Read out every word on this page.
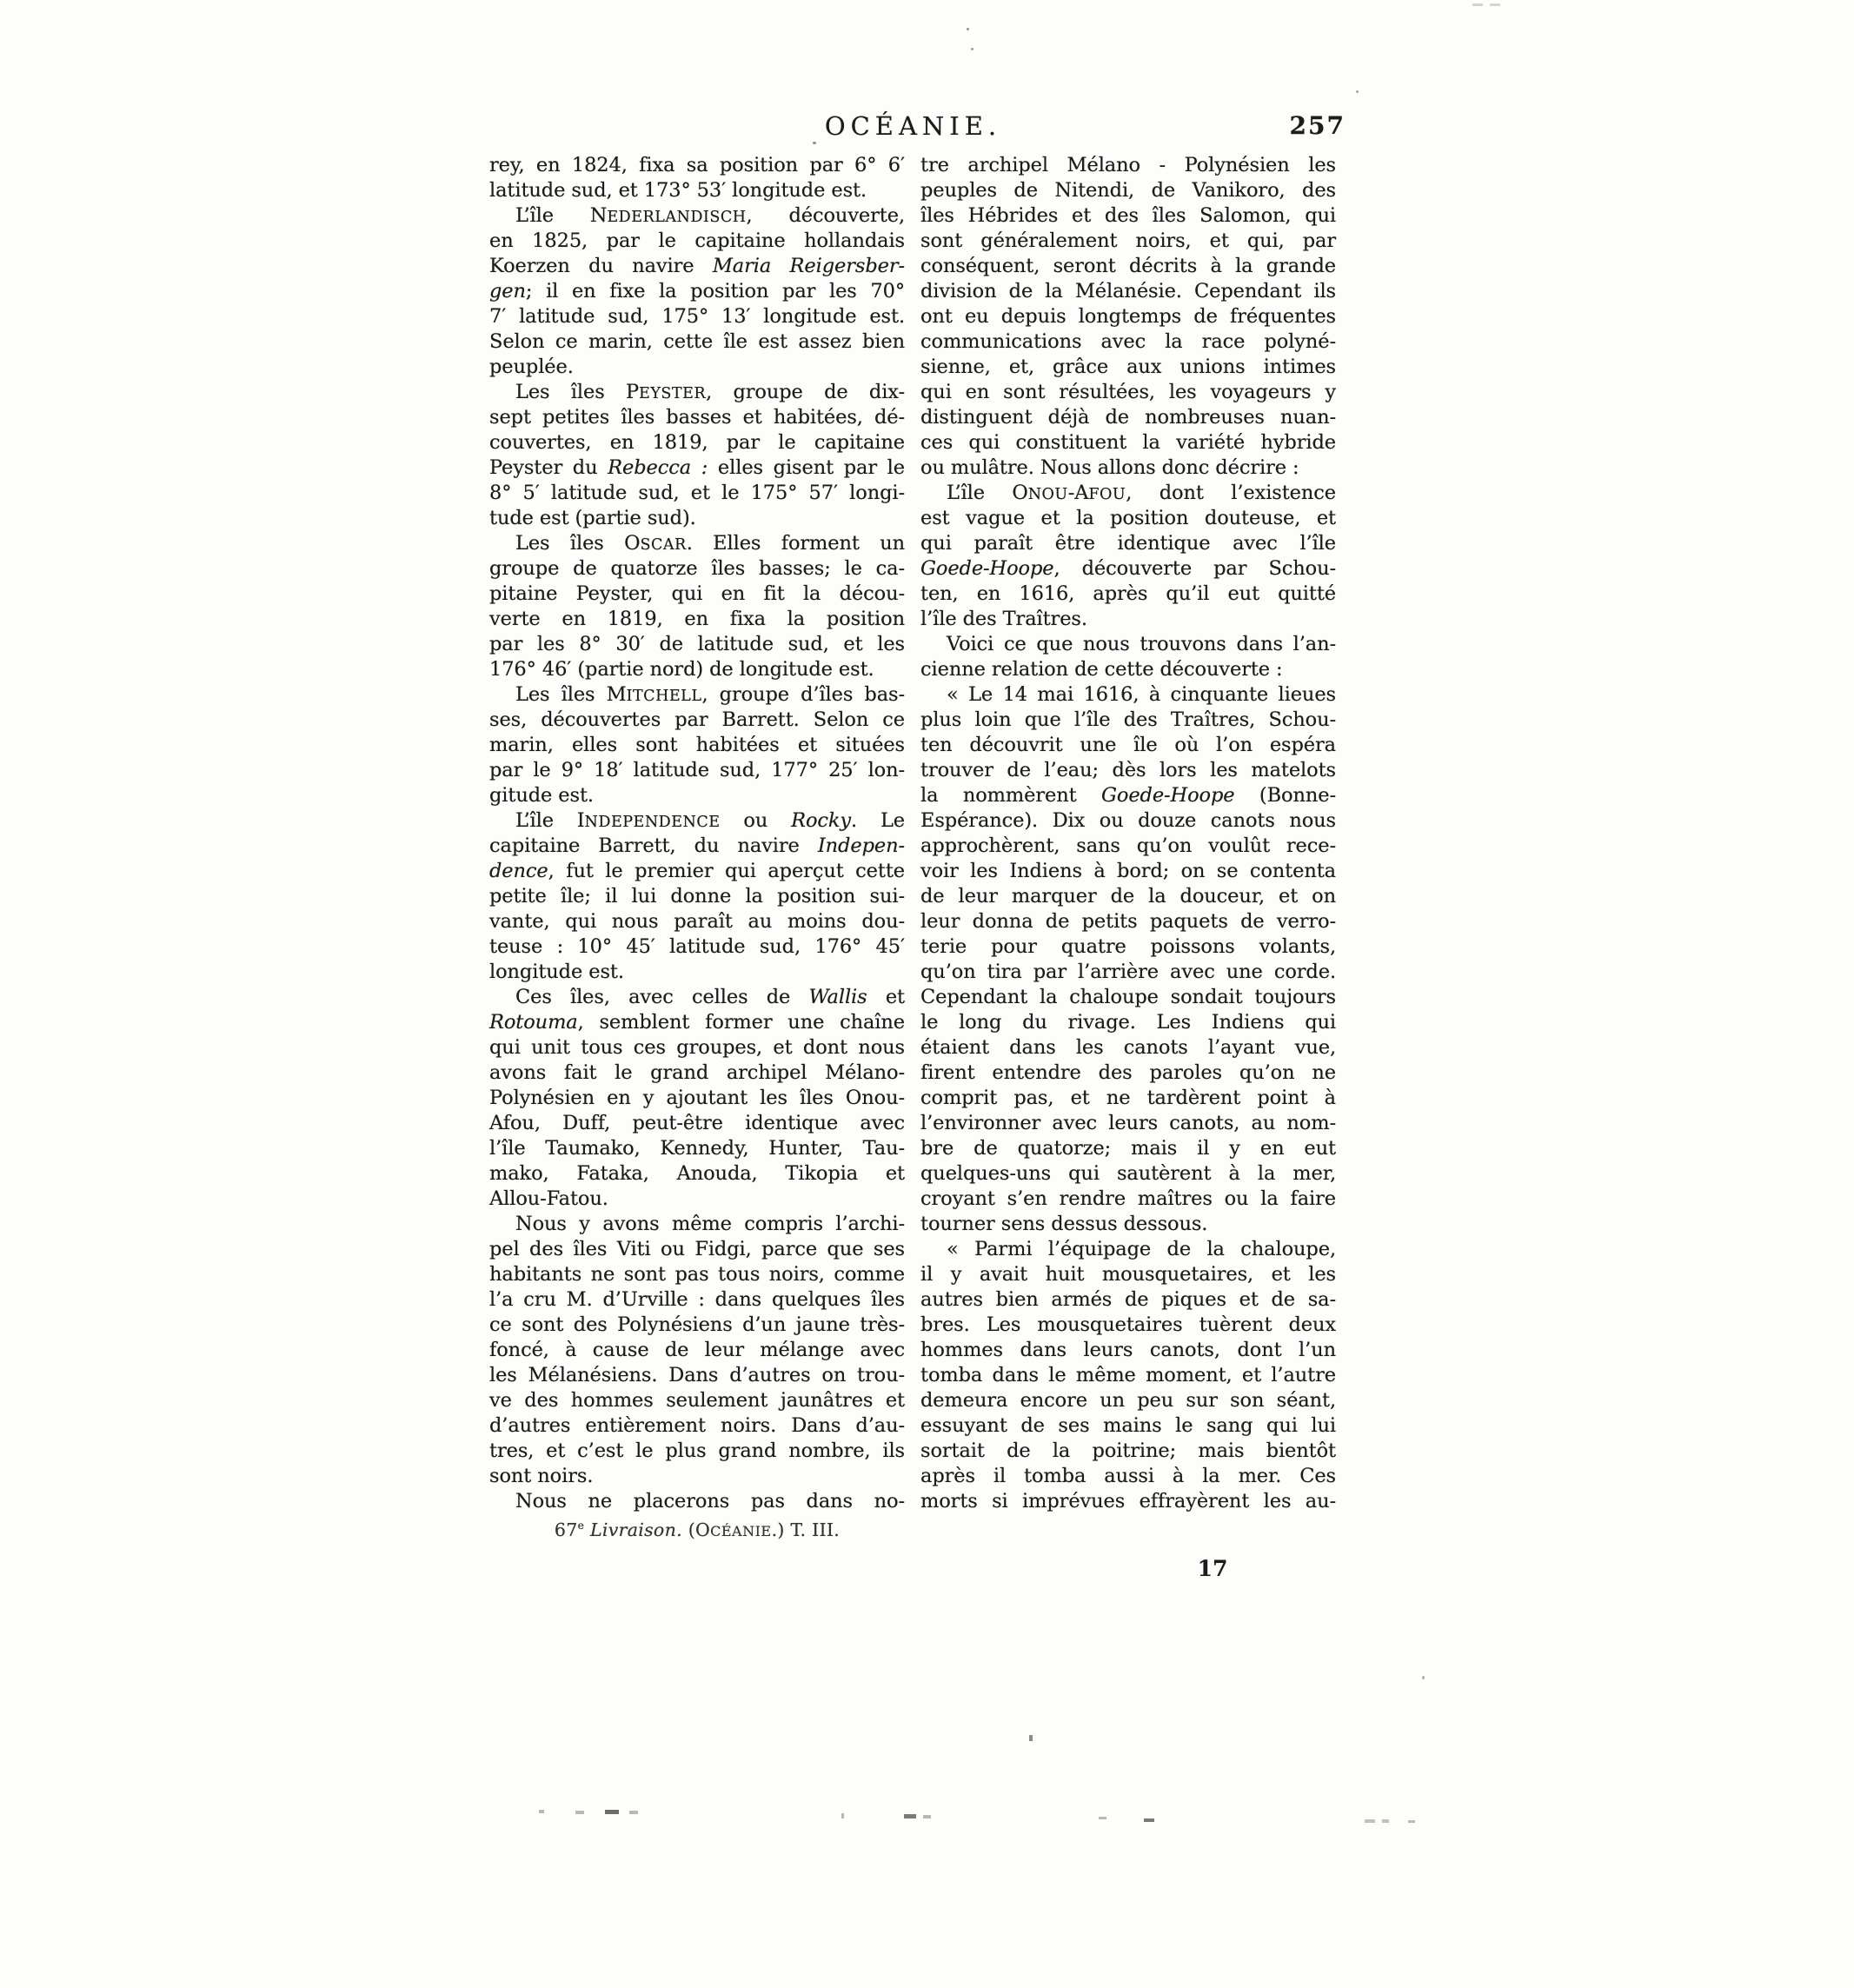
OCÉANIE.	257
rey, en 1824, fixa sa position par 6° 6′
latitude sud, et 173° 53′ longitude est.
L’île NEDERLANDISCH, découverte,
en 1825, par le capitaine hollandais
Koerzen du navire Maria Reigersber-
gen; il en fixe la position par les 70°
7′ latitude sud, 175° 13′ longitude est.
Selon ce marin, cette île est assez bien
peuplée.
Les îles PEYSTER, groupe de dix-
sept petites îles basses et habitées, dé-
couvertes, en 1819, par le capitaine
Peyster du Rebecca : elles gisent par le
8° 5′ latitude sud, et le 175° 57′ longi-
tude est (partie sud).
Les îles OSCAR. Elles forment un
groupe de quatorze îles basses; le ca-
pitaine Peyster, qui en fit la décou-
verte en 1819, en fixa la position
par les 8° 30′ de latitude sud, et les
176° 46′ (partie nord) de longitude est.
Les îles MITCHELL, groupe d’îles bas-
ses, découvertes par Barrett. Selon ce
marin, elles sont habitées et situées
par le 9° 18′ latitude sud, 177° 25′ lon-
gitude est.
L’île INDEPENDENCE ou Rocky. Le
capitaine Barrett, du navire Indepen-
dence, fut le premier qui aperçut cette
petite île; il lui donne la position sui-
vante, qui nous paraît au moins dou-
teuse : 10° 45′ latitude sud, 176° 45′
longitude est.
Ces îles, avec celles de Wallis et
Rotouma, semblent former une chaîne
qui unit tous ces groupes, et dont nous
avons fait le grand archipel Mélano-
Polynésien en y ajoutant les îles Onou-
Afou, Duff, peut-être identique avec
l’île Taumako, Kennedy, Hunter, Tau-
mako, Fataka, Anouda, Tikopia et
Allou-Fatou.
Nous y avons même compris l’archi-
pel des îles Viti ou Fidgi, parce que ses
habitants ne sont pas tous noirs, comme
l’a cru M. d’Urville : dans quelques îles
ce sont des Polynésiens d’un jaune très-
foncé, à cause de leur mélange avec
les Mélanésiens. Dans d’autres on trou-
ve des hommes seulement jaunâtres et
d’autres entièrement noirs. Dans d’au-
tres, et c’est le plus grand nombre, ils
sont noirs.
Nous ne placerons pas dans no-
tre archipel Mélano - Polynésien les
peuples de Nitendi, de Vanikoro, des
îles Hébrides et des îles Salomon, qui
sont généralement noirs, et qui, par
conséquent, seront décrits à la grande
division de la Mélanésie. Cependant ils
ont eu depuis longtemps de fréquentes
communications avec la race polyné-
sienne, et, grâce aux unions intimes
qui en sont résultées, les voyageurs y
distinguent déjà de nombreuses nuan-
ces qui constituent la variété hybride
ou mulâtre. Nous allons donc décrire :
L’île ONOU-AFOU, dont l’existence
est vague et la position douteuse, et
qui paraît être identique avec l’île
Goede-Hoope, découverte par Schou-
ten, en 1616, après qu’il eut quitté
l’île des Traîtres.
Voici ce que nous trouvons dans l’an-
cienne relation de cette découverte :
« Le 14 mai 1616, à cinquante lieues
plus loin que l’île des Traîtres, Schou-
ten découvrit une île où l’on espéra
trouver de l’eau; dès lors les matelots
la nommèrent Goede-Hoope (Bonne-
Espérance). Dix ou douze canots nous
approchèrent, sans qu’on voulût rece-
voir les Indiens à bord; on se contenta
de leur marquer de la douceur, et on
leur donna de petits paquets de verro-
terie pour quatre poissons volants,
qu’on tira par l’arrière avec une corde.
Cependant la chaloupe sondait toujours
le long du rivage. Les Indiens qui
étaient dans les canots l’ayant vue,
firent entendre des paroles qu’on ne
comprit pas, et ne tardèrent point à
l’environner avec leurs canots, au nom-
bre de quatorze; mais il y en eut
quelques-uns qui sautèrent à la mer,
croyant s’en rendre maîtres ou la faire
tourner sens dessus dessous.
« Parmi l’équipage de la chaloupe,
il y avait huit mousquetaires, et les
autres bien armés de piques et de sa-
bres. Les mousquetaires tuèrent deux
hommes dans leurs canots, dont l’un
tomba dans le même moment, et l’autre
demeura encore un peu sur son séant,
essuyant de ses mains le sang qui lui
sortait de la poitrine; mais bientôt
après il tomba aussi à la mer. Ces
morts si imprévues effrayèrent les au-
67e Livraison. (OCÉANIE.) T. III.
17
